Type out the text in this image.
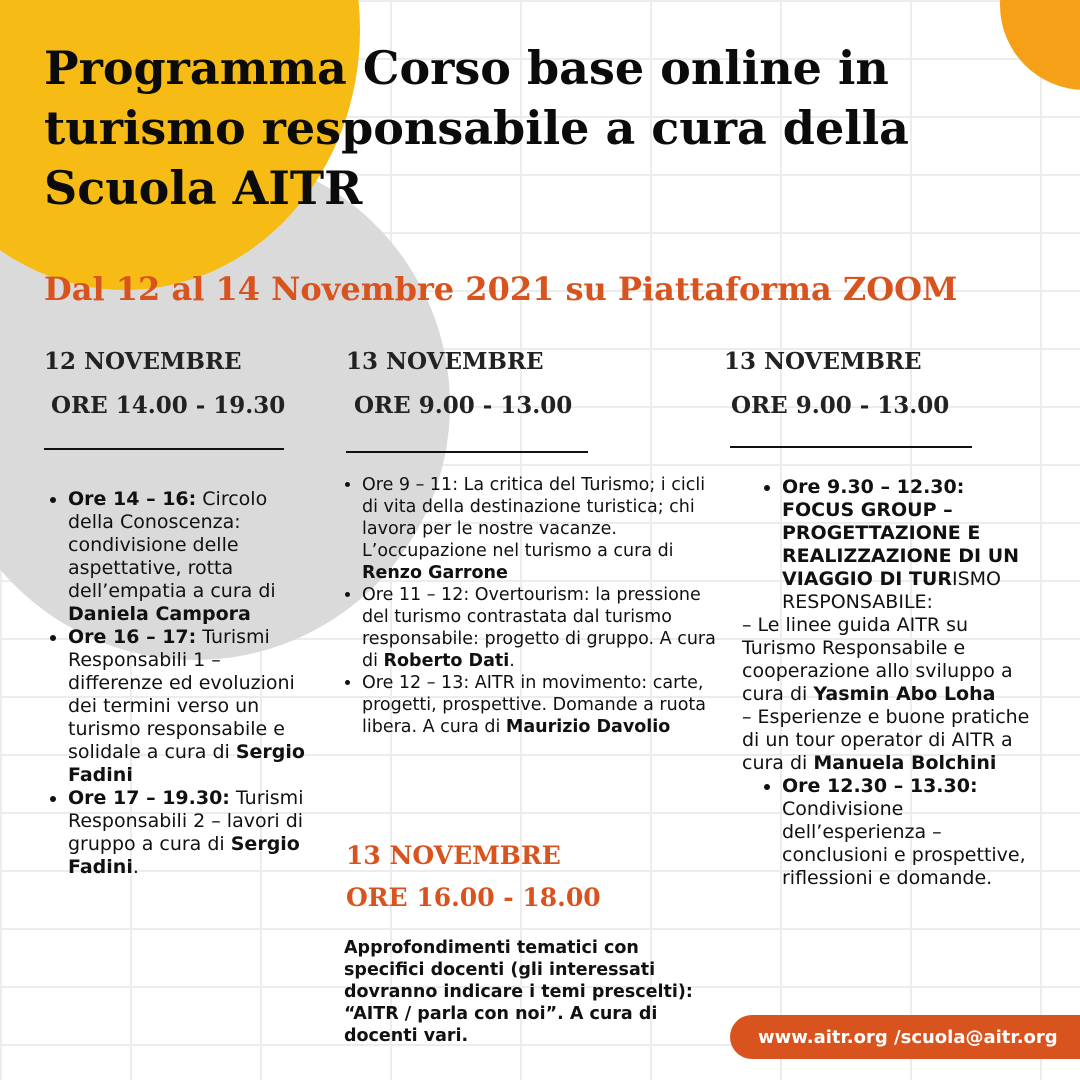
Programma Corso base online in turismo responsabile a cura della Scuola AITR
Dal 12 al 14 Novembre 2021 su Piattaforma ZOOM
12 NOVEMBRE
ORE 14.00 - 19.30
• Ore 14 – 16: Circolo della Conoscenza: condivisione delle aspettative, rotta dell’empatia a cura di Daniela Campora
• Ore 16 – 17: Turismi Responsabili 1 – differenze ed evoluzioni dei termini verso un turismo responsabile e solidale a cura di Sergio Fadini
• Ore 17 – 19.30: Turismi Responsabili 2 – lavori di gruppo a cura di Sergio Fadini.
13 NOVEMBRE
ORE 9.00 - 13.00
• Ore 9 – 11: La critica del Turismo; i cicli di vita della destinazione turistica; chi lavora per le nostre vacanze. L’occupazione nel turismo a cura di Renzo Garrone
• Ore 11 – 12: Overtourism: la pressione del turismo contrastata dal turismo responsabile: progetto di gruppo. A cura di Roberto Dati.
• Ore 12 – 13: AITR in movimento: carte, progetti, prospettive. Domande a ruota libera. A cura di Maurizio Davolio
13 NOVEMBRE
ORE 16.00 - 18.00
Approfondimenti tematici con specifici docenti (gli interessati dovranno indicare i temi prescelti): “AITR / parla con noi”. A cura di docenti vari.
13 NOVEMBRE
ORE 9.00 - 13.00
• Ore 9.30 – 12.30: FOCUS GROUP – PROGETTAZIONE E REALIZZAZIONE DI UN VIAGGIO DI TURISMO RESPONSABILE:
– Le linee guida AITR su Turismo Responsabile e cooperazione allo sviluppo a cura di Yasmin Abo Loha
– Esperienze e buone pratiche di un tour operator di AITR a cura di Manuela Bolchini
• Ore 12.30 – 13.30: Condivisione dell’esperienza – conclusioni e prospettive, riflessioni e domande.
www.aitr.org /scuola@aitr.org
